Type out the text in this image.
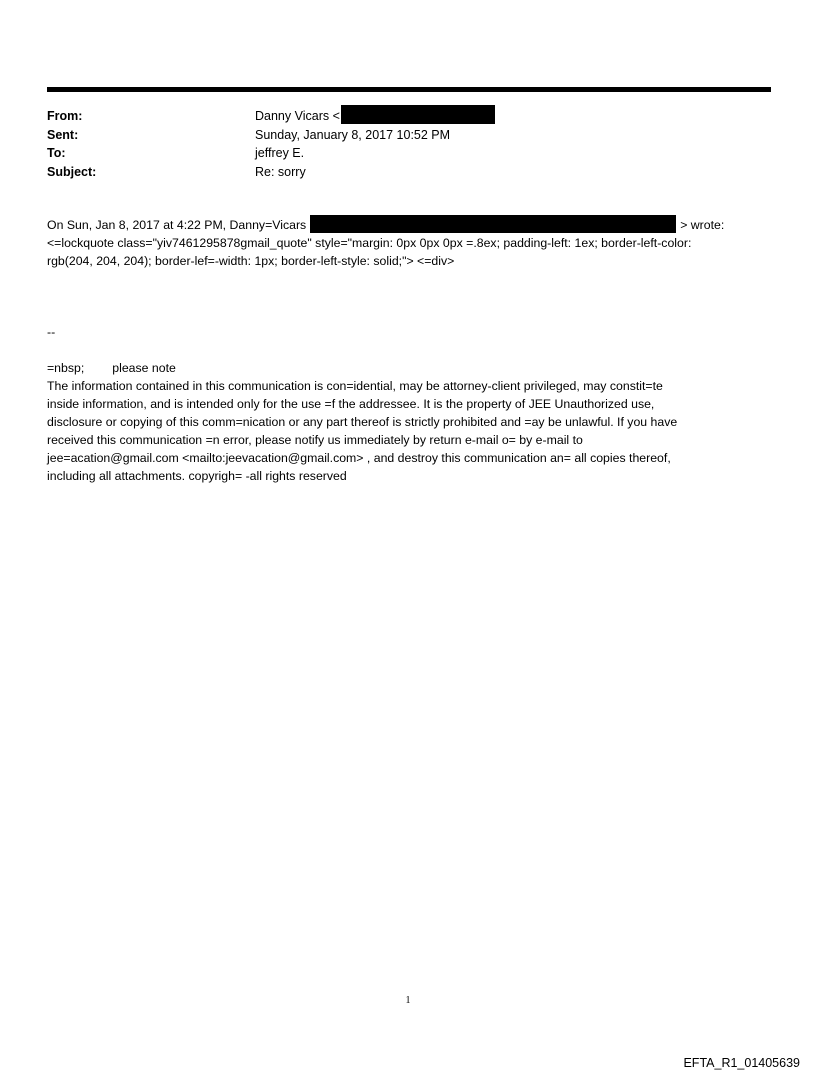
From:	Danny Vicars <
Sent:	Sunday, January 8, 2017 10:52 PM
To:	jeffrey E.
Subject:	Re: sorry
On Sun, Jan 8, 2017 at 4:22 PM, Danny=Vicars	> wrote:
<=lockquote class="yiv7461295878gmail_quote" style="margin: 0px 0px 0px =.8ex; padding-left: 1ex; border-left-color:
rgb(204, 204, 204); border-lef=-width: 1px; border-left-style: solid;"> <=div>
--
=nbsp; please note
The information contained in this communication is con=idential, may be attorney-client privileged, may constit=te
inside information, and is intended only for the use =f the addressee. It is the property of JEE Unauthorized use,
disclosure or copying of this comm=nication or any part thereof is strictly prohibited and =ay be unlawful. If you have
received this communication =n error, please notify us immediately by return e-mail o= by e-mail to
jee=acation@gmail.com <mailto:jeevacation@gmail.com> , and destroy this communication an= all copies thereof,
including all attachments. copyrigh= -all rights reserved
1
EFTA_R1_01405639
